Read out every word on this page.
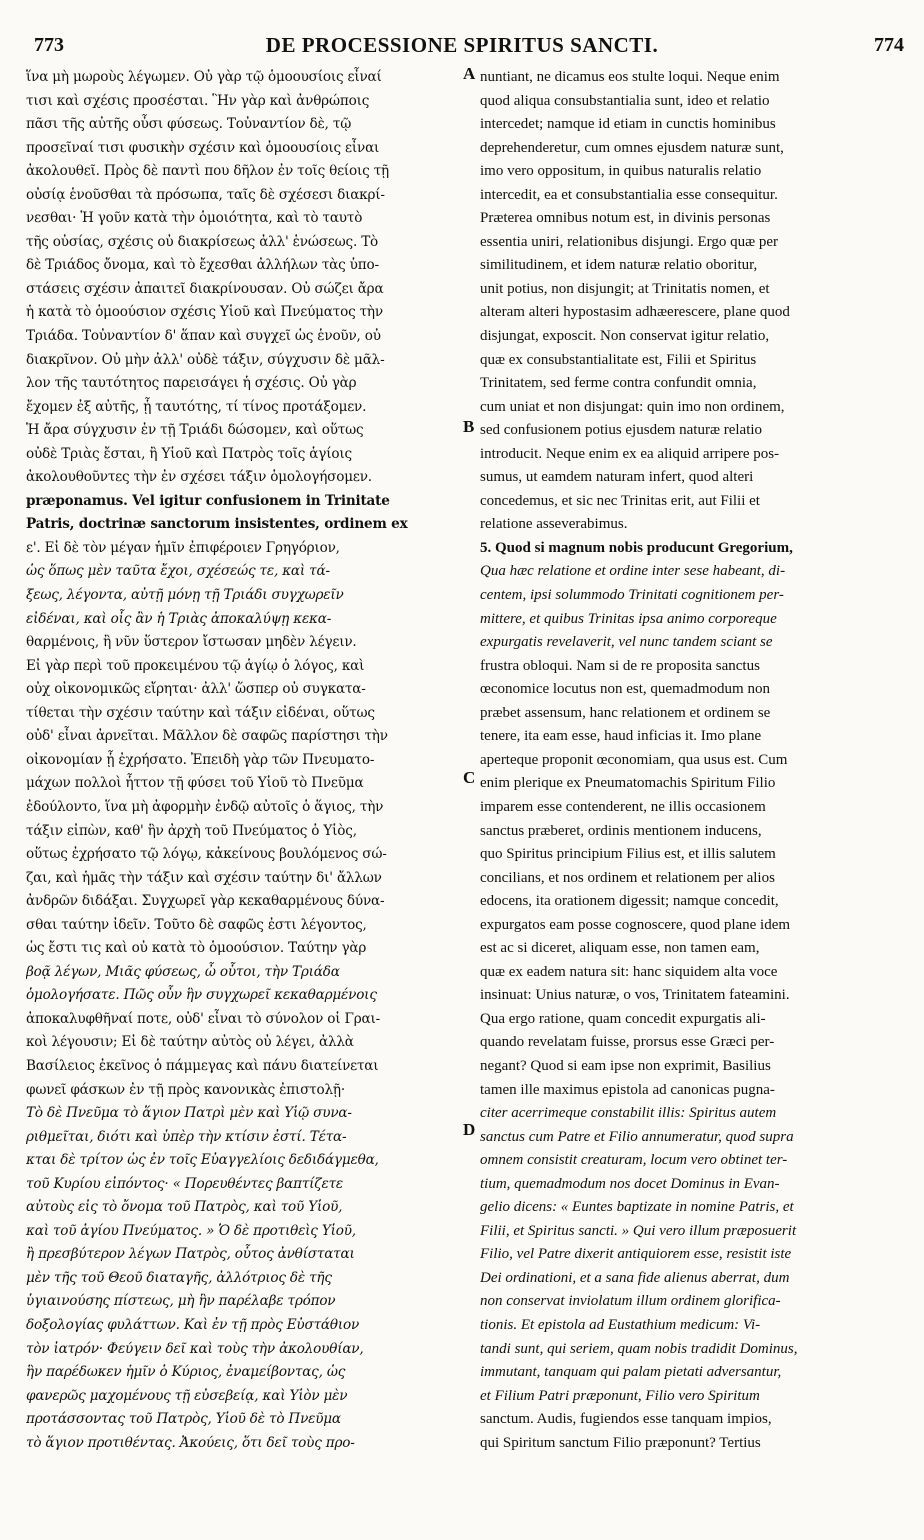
773	DE PROCESSIONE SPIRITUS SANCTI.	774
ἵνα μὴ μωροὺς λέγωμεν. Οὐ γὰρ τῷ ὁμοουσίοις εἶναί
τισι καὶ σχέσις προσέσται. Ἣν γὰρ καὶ ἀνθρώποις
πᾶσι τῆς αὐτῆς οὖσι φύσεως. Τοὐναντίον δὲ, τῷ
προσεῖναί τισι φυσικὴν σχέσιν καὶ ὁμοουσίοις εἶναι
ἀκολουθεῖ. Πρὸς δὲ παντὶ που δῆλον ἐν τοῖς θείοις τῇ
οὐσίᾳ ἑνοῦσθαι τὰ πρόσωπα, ταῖς δὲ σχέσεσι διακρί-
νεσθαι· Ἡ γοῦν κατὰ τὴν ὁμοιότητα, καὶ τὸ ταυτὸ
τῆς οὐσίας, σχέσις οὐ διακρίσεως ἀλλ' ἑνώσεως. Τὸ
δὲ Τριάδος ὄνομα, καὶ τὸ ἔχεσθαι ἀλλήλων τὰς ὑπο-
στάσεις σχέσιν ἀπαιτεῖ διακρίνουσαν. Οὐ σώζει ἄρα
ἡ κατὰ τὸ ὁμοούσιον σχέσις Υἱοῦ καὶ Πνεύματος τὴν
Τριάδα. Τοὐναντίον δ' ἅπαν καὶ συγχεῖ ὡς ἑνοῦν, οὐ
διακρῖνον. Οὐ μὴν ἀλλ' οὐδὲ τάξιν, σύγχυσιν δὲ μᾶλ-
λον τῆς ταυτότητος παρεισάγει ἡ σχέσις. Οὐ γὰρ
ἔχομεν ἐξ αὐτῆς, ᾗ ταυτότης, τί τίνος προτάξομεν.
Ἡ ἄρα σύγχυσιν ἐν τῇ Τριάδι δώσομεν, καὶ οὕτως
οὐδὲ Τριὰς ἔσται, ἢ Υἱοῦ καὶ Πατρὸς τοῖς ἁγίοις
ἀκολουθοῦντες τὴν ἐν σχέσει τάξιν ὁμολογήσομεν.
præponamus. Vel igitur confusionem in Trinitate
Patris, doctrinæ sanctorum insistentes, ordinem ex
ε'. Εἰ δὲ τὸν μέγαν ἡμῖν ἐπιφέροιεν Γρηγόριον,
ὡς ὅπως μὲν ταῦτα ἔχοι, σχέσεώς τε, καὶ τά-
ξεως, λέγοντα, αὐτῇ μόνῃ τῇ Τριάδι συγχωρεῖν
εἰδέναι, καὶ οἷς ἂν ἡ Τριὰς ἀποκαλύψῃ κεκα-
θαρμένοις, ἢ νῦν ὕστερον ἴστωσαν μηδὲν λέγειν.
Εἰ γὰρ περὶ τοῦ προκειμένου τῷ ἁγίῳ ὁ λόγος, καὶ
οὐχ οἰκονομικῶς εἴρηται· ἀλλ' ὥσπερ οὐ συγκατα-
τίθεται τὴν σχέσιν ταύτην καὶ τάξιν εἰδέναι, οὕτως
οὐδ' εἶναι ἀρνεῖται. Μᾶλλον δὲ σαφῶς παρίστησι τὴν
οἰκονομίαν ᾗ ἐχρήσατο. Ἐπειδὴ γὰρ τῶν Πνευματο-
μάχων πολλοὶ ἧττον τῇ φύσει τοῦ Υἱοῦ τὸ Πνεῦμα
ἐδούλοντο, ἵνα μὴ ἀφορμὴν ἐνδῷ αὐτοῖς ὁ ἅγιος, τὴν
τάξιν εἰπὼν, καθ' ἣν ἀρχὴ τοῦ Πνεύματος ὁ Υἱὸς,
οὕτως ἐχρήσατο τῷ λόγῳ, κἀκείνους βουλόμενος σώ-
ζαι, καὶ ἡμᾶς τὴν τάξιν καὶ σχέσιν ταύτην δι' ἄλλων
ἀνδρῶν διδάξαι. Συγχωρεῖ γὰρ κεκαθαρμένους δύνα-
σθαι ταύτην ἰδεῖν. Τοῦτο δὲ σαφῶς ἐστι λέγοντος,
ὡς ἔστι τις καὶ οὐ κατὰ τὸ ὁμοούσιον. Ταύτην γὰρ
βοᾷ λέγων, Μιᾶς φύσεως, ὦ οὗτοι, τὴν Τριάδα
ὁμολογήσατε. Πῶς οὖν ἣν συγχωρεῖ κεκαθαρμένοις
ἀποκαλυφθῆναί ποτε, οὐδ' εἶναι τὸ σύνολον οἱ Γραι-
κοὶ λέγουσιν; Εἰ δὲ ταύτην αὐτὸς οὐ λέγει, ἀλλὰ
Βασίλειος ἐκεῖνος ὁ πάμμεγας καὶ πάνυ διατείνεται
φωνεῖ φάσκων ἐν τῇ πρὸς κανονικὰς ἐπιστολῇ·
Τὸ δὲ Πνεῦμα τὸ ἅγιον Πατρὶ μὲν καὶ Υἱῷ συνα-
ριθμεῖται, διότι καὶ ὑπὲρ τὴν κτίσιν ἐστί. Τέτα-
κται δὲ τρίτον ὡς ἐν τοῖς Εὐαγγελίοις δεδιδάγμεθα,
τοῦ Κυρίου εἰπόντος· « Πορευθέντες βαπτίζετε
αὐτοὺς εἰς τὸ ὄνομα τοῦ Πατρὸς, καὶ τοῦ Υἱοῦ,
καὶ τοῦ ἁγίου Πνεύματος. » Ὁ δὲ προτιθεὶς Υἱοῦ,
ἢ πρεσβύτερον λέγων Πατρὸς, οὗτος ἀνθίσταται
μὲν τῆς τοῦ Θεοῦ διαταγῆς, ἀλλότριος δὲ τῆς
ὑγιαινούσης πίστεως, μὴ ἣν παρέλαβε τρόπον
δοξολογίας φυλάττων. Καὶ ἐν τῇ πρὸς Εὐστάθιον
τὸν ἰατρόν· Φεύγειν δεῖ καὶ τοὺς τὴν ἀκολουθίαν,
ἣν παρέδωκεν ἡμῖν ὁ Κύριος, ἐναμείβοντας, ὡς
φανερῶς μαχομένους τῇ εὐσεβείᾳ, καὶ Υἱὸν μὲν
προτάσσοντας τοῦ Πατρὸς, Υἱοῦ δὲ τὸ Πνεῦμα
τὸ ἅγιον προτιθέντας. Ἀκούεις, ὅτι δεῖ τοὺς προ-
nuntiant, ne dicamus eos stulte loqui. Neque enim
quod aliqua consubstantialia sunt, ideo et relatio
intercedet; namque id etiam in cunctis hominibus
deprehenderetur, cum omnes ejusdem naturæ sunt,
imo vero oppositum, in quibus naturalis relatio
intercedit, ea et consubstantialia esse consequitur.
Præterea omnibus notum est, in divinis personas
essentia uniri, relationibus disjungi. Ergo quæ per
similitudinem, et idem naturæ relatio oboritur,
unit potius, non disjungit; at Trinitatis nomen, et
alteram alteri hypostasim adhæerescere, plane quod
disjungat, exposcit. Non conservat igitur relatio,
quæ ex consubstantialitate est, Filii et Spiritus
Trinitatem, sed ferme contra confundit omnia,
cum uniat et non disjungat: quin imo non ordinem,
sed confusionem potius ejusdem naturæ relatio
introducit. Neque enim ex ea aliquid arripere pos-
sumus, ut eamdem naturam infert, quod alteri
concedemus, et sic nec Trinitas erit, aut Filii et
relatione asseverabimus.
5. Quod si magnum nobis producunt Gregorium,
Qua hæc relatione et ordine inter sese habeant, di-
centem, ipsi solummodo Trinitati cognitionem per-
mittere, et quibus Trinitas ipsa animo corporeque
expurgatis revelaverit, vel nunc tandem sciant se
frustra obloqui. Nam si de re proposita sanctus
œconomice locutus non est, quemadmodum non
præbet assensum, hanc relationem et ordinem se
tenere, ita eam esse, haud inficias it. Imo plane
aperteque proponit œconomiam, qua usus est. Cum
enim plerique ex Pneumatomachis Spiritum Filio
imparem esse contenderent, ne illis occasionem
sanctus præberet, ordinis mentionem inducens,
quo Spiritus principium Filius est, et illis salutem
concilians, et nos ordinem et relationem per alios
edocens, ita orationem digessit; namque concedit,
expurgatos eam posse cognoscere, quod plane idem
est ac si diceret, aliquam esse, non tamen eam,
quæ ex eadem natura sit: hanc siquidem alta voce
insinuat: Unius naturæ, o vos, Trinitatem fateamini.
Qua ergo ratione, quam concedit expurgatis ali-
quando revelatam fuisse, prorsus esse Græci per-
negant? Quod si eam ipse non exprimit, Basilius
tamen ille maximus epistola ad canonicas pugna-
citer acerrimeque constabilit illis: Spiritus autem
sanctus cum Patre et Filio annumeratur, quod supra
omnem consistit creaturam, locum vero obtinet ter-
tium, quemadmodum nos docet Dominus in Evan-
gelio dicens: « Euntes baptizate in nomine Patris, et
Filii, et Spiritus sancti. » Qui vero illum præposuerit
Filio, vel Patre dixerit antiquiorem esse, resistit iste
Dei ordinationi, et a sana fide alienus aberrat, dum
non conservat inviolatum illum ordinem glorifica-
tionis. Et epistola ad Eustathium medicum: Vi-
tandi sunt, qui seriem, quam nobis tradidit Dominus,
immutant, tanquam qui palam pietati adversantur,
et Filium Patri præponunt, Filio vero Spiritum
sanctum. Audis, fugiendos esse tanquam impios,
qui Spiritum sanctum Filio præponunt? Tertius
A
B
C
D
